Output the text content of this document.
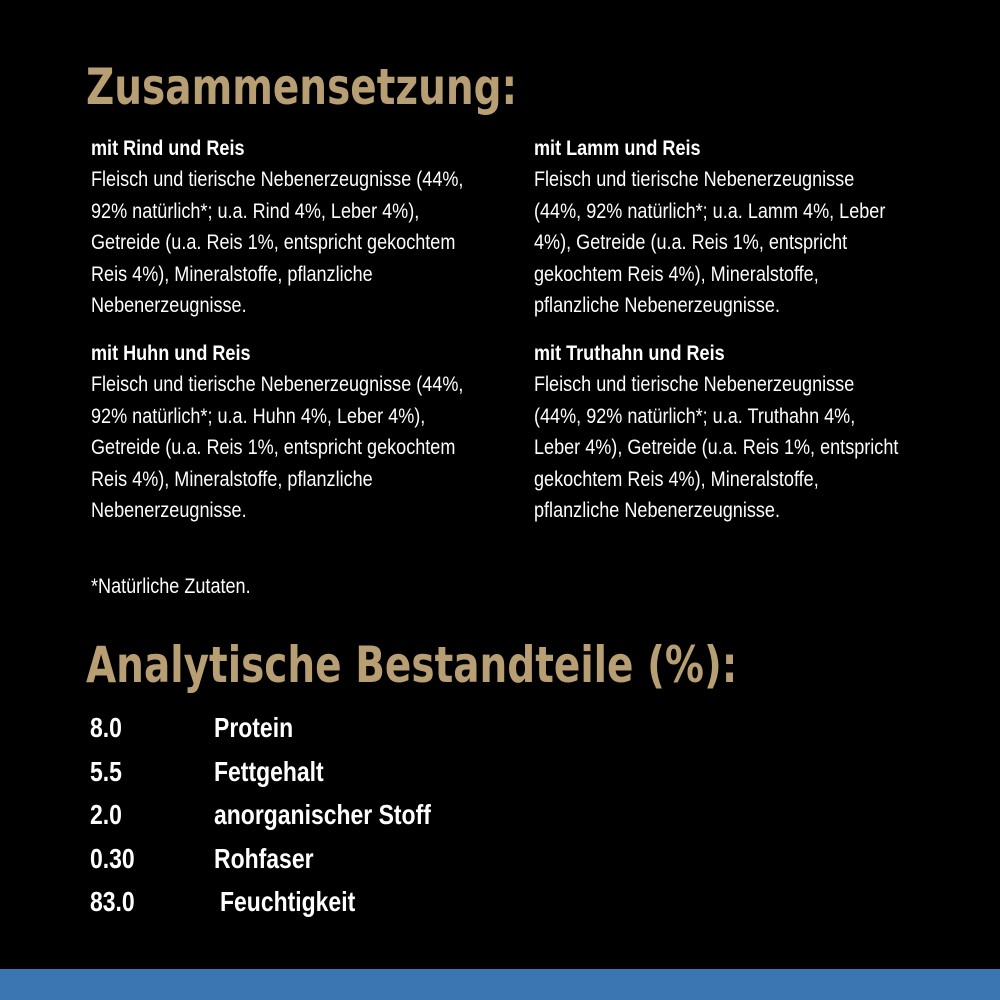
Zusammensetzung:
mit Rind und Reis
Fleisch und tierische Nebenerzeugnisse (44%,
92% natürlich*; u.a. Rind 4%, Leber 4%),
Getreide (u.a. Reis 1%, entspricht gekochtem
Reis 4%), Mineralstoffe, pflanzliche
Nebenerzeugnisse.
mit Lamm und Reis
Fleisch und tierische Nebenerzeugnisse
(44%, 92% natürlich*; u.a. Lamm 4%, Leber
4%), Getreide (u.a. Reis 1%, entspricht
gekochtem Reis 4%), Mineralstoffe,
pflanzliche Nebenerzeugnisse.
mit Huhn und Reis
Fleisch und tierische Nebenerzeugnisse (44%,
92% natürlich*; u.a. Huhn 4%, Leber 4%),
Getreide (u.a. Reis 1%, entspricht gekochtem
Reis 4%), Mineralstoffe, pflanzliche
Nebenerzeugnisse.
mit Truthahn und Reis
Fleisch und tierische Nebenerzeugnisse
(44%, 92% natürlich*; u.a. Truthahn 4%,
Leber 4%), Getreide (u.a. Reis 1%, entspricht
gekochtem Reis 4%), Mineralstoffe,
pflanzliche Nebenerzeugnisse.
*Natürliche Zutaten.
Analytische Bestandteile (%):
8.0	Protein
5.5	Fettgehalt
2.0	anorganischer Stoff
0.30	Rohfaser
83.0	Feuchtigkeit
